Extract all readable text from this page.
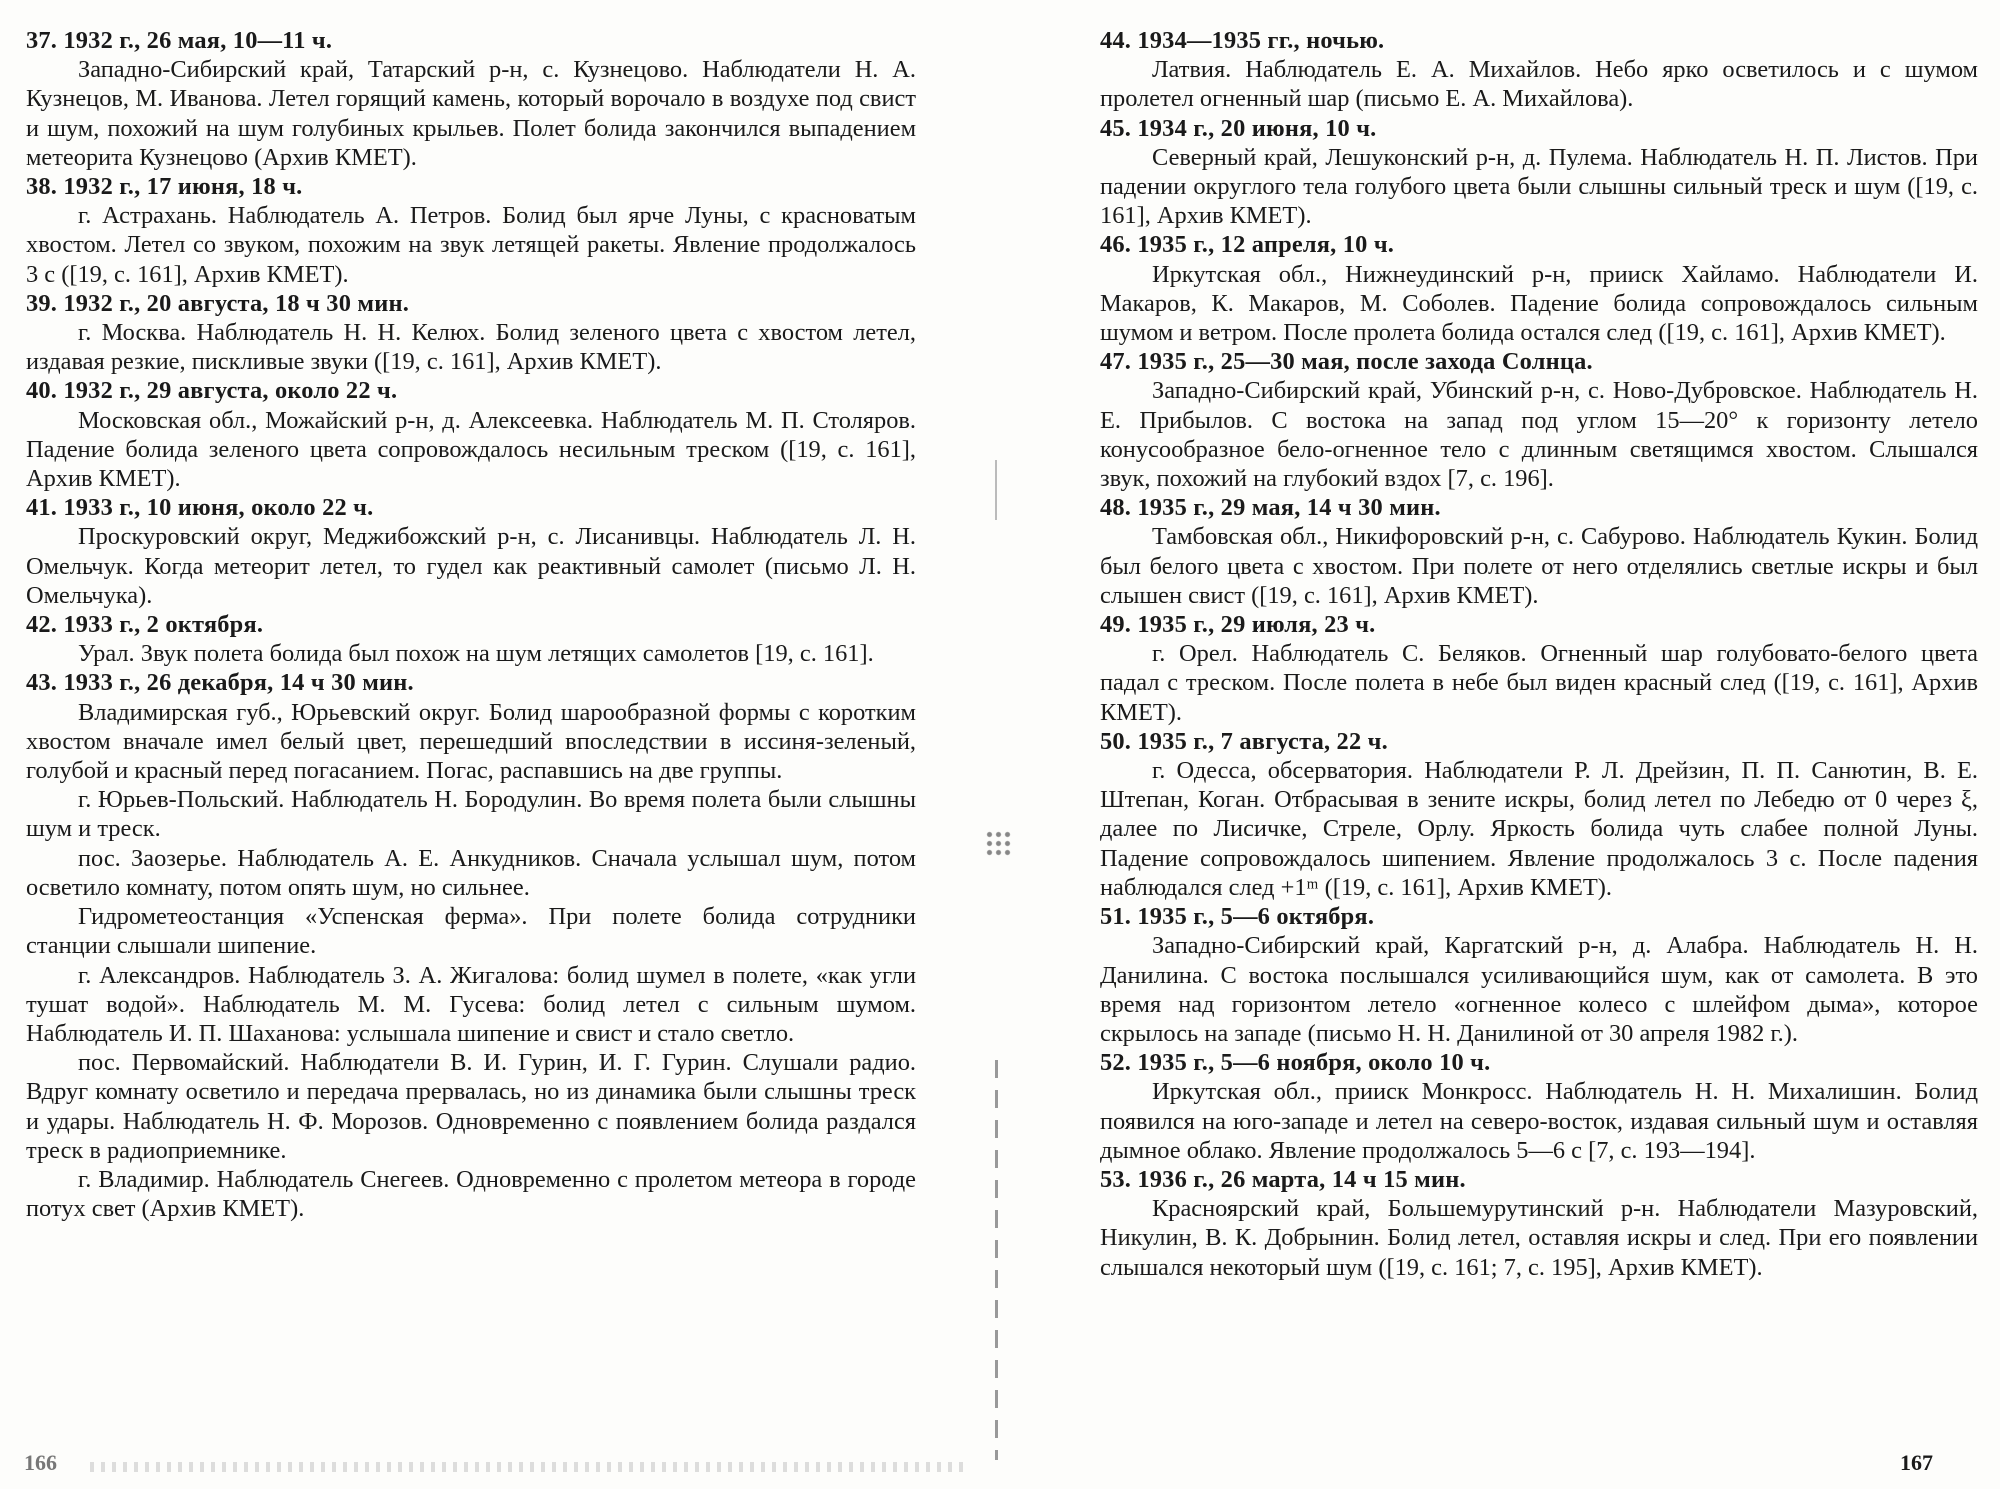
37. 1932 г., 26 мая, 10—11 ч.

Западно-Сибирский край, Татарский р-н, с. Кузнецово. Наблюдатели Н. А. Кузнецов, М. Иванова. Летел горящий камень, который ворочало в воздухе под свист и шум, похожий на шум голубиных крыльев. Полет болида закончился выпадением метеорита Кузнецово (Архив КМЕТ).

38. 1932 г., 17 июня, 18 ч.

г. Астрахань. Наблюдатель А. Петров. Болид был ярче Луны, с красноватым хвостом. Летел со звуком, похожим на звук летящей ракеты. Явление продолжалось 3 с ([19, с. 161], Архив КМЕТ).

39. 1932 г., 20 августа, 18 ч 30 мин.

г. Москва. Наблюдатель Н. Н. Келюх. Болид зеленого цвета с хвостом летел, издавая резкие, пискливые звуки ([19, с. 161], Архив КМЕТ).

40. 1932 г., 29 августа, около 22 ч.

Московская обл., Можайский р-н, д. Алексеевка. Наблюдатель М. П. Столяров. Падение болида зеленого цвета сопровождалось несильным треском ([19, с. 161], Архив КМЕТ).

41. 1933 г., 10 июня, около 22 ч.

Проскуровский округ, Меджибожский р-н, с. Лисанивцы. Наблюдатель Л. Н. Омельчук. Когда метеорит летел, то гудел как реактивный самолет (письмо Л. Н. Омельчука).

42. 1933 г., 2 октября.

Урал. Звук полета болида был похож на шум летящих самолетов [19, с. 161].

43. 1933 г., 26 декабря, 14 ч 30 мин.

Владимирская губ., Юрьевский округ. Болид шарообразной формы с коротким хвостом вначале имел белый цвет, перешедший впоследствии в иссиня-зеленый, голубой и красный перед погасанием. Погас, распавшись на две группы.

г. Юрьев-Польский. Наблюдатель Н. Бородулин. Во время полета были слышны шум и треск.

пос. Заозерье. Наблюдатель А. Е. Анкудников. Сначала услышал шум, потом осветило комнату, потом опять шум, но сильнее.

Гидрометеостанция «Успенская ферма». При полете болида сотрудники станции слышали шипение.

г. Александров. Наблюдатель З. А. Жигалова: болид шумел в полете, «как угли тушат водой». Наблюдатель М. М. Гусева: болид летел с сильным шумом. Наблюдатель И. П. Шаханова: услышала шипение и свист и стало светло.

пос. Первомайский. Наблюдатели В. И. Гурин, И. Г. Гурин. Слушали радио. Вдруг комнату осветило и передача прервалась, но из динамика были слышны треск и удары. Наблюдатель Н. Ф. Морозов. Одновременно с появлением болида раздался треск в радиоприемнике.

г. Владимир. Наблюдатель Снегеев. Одновременно с пролетом метеора в городе потух свет (Архив КМЕТ).

44. 1934—1935 гг., ночью.

Латвия. Наблюдатель Е. А. Михайлов. Небо ярко осветилось и с шумом пролетел огненный шар (письмо Е. А. Михайлова).

45. 1934 г., 20 июня, 10 ч.

Северный край, Лешуконский р-н, д. Пулема. Наблюдатель Н. П. Листов. При падении округлого тела голубого цвета были слышны сильный треск и шум ([19, с. 161], Архив КМЕТ).

46. 1935 г., 12 апреля, 10 ч.

Иркутская обл., Нижнеудинский р-н, прииск Хайламо. Наблюдатели И. Макаров, К. Макаров, М. Соболев. Падение болида сопровождалось сильным шумом и ветром. После пролета болида остался след ([19, с. 161], Архив КМЕТ).

47. 1935 г., 25—30 мая, после захода Солнца.

Западно-Сибирский край, Убинский р-н, с. Ново-Дубровское. Наблюдатель Н. Е. Прибылов. С востока на запад под углом 15—20° к горизонту летело конусообразное бело-огненное тело с длинным светящимся хвостом. Слышался звук, похожий на глубокий вздох [7, с. 196].

48. 1935 г., 29 мая, 14 ч 30 мин.

Тамбовская обл., Никифоровский р-н, с. Сабурово. Наблюдатель Кукин. Болид был белого цвета с хвостом. При полете от него отделялись светлые искры и был слышен свист ([19, с. 161], Архив КМЕТ).

49. 1935 г., 29 июля, 23 ч.

г. Орел. Наблюдатель С. Беляков. Огненный шар голубовато-белого цвета падал с треском. После полета в небе был виден красный след ([19, с. 161], Архив КМЕТ).

50. 1935 г., 7 августа, 22 ч.

г. Одесса, обсерватория. Наблюдатели Р. Л. Дрейзин, П. П. Санютин, В. Е. Штепан, Коган. Отбрасывая в зените искры, болид летел по Лебедю от 0 через ξ, далее по Лисичке, Стреле, Орлу. Яркость болида чуть слабее полной Луны. Падение сопровождалось шипением. Явление продолжалось 3 с. После падения наблюдался след +1ᵐ ([19, с. 161], Архив КМЕТ).

51. 1935 г., 5—6 октября.

Западно-Сибирский край, Каргатский р-н, д. Алабра. Наблюдатель Н. Н. Данилина. С востока послышался усиливающийся шум, как от самолета. В это время над горизонтом летело «огненное колесо с шлейфом дыма», которое скрылось на западе (письмо Н. Н. Данилиной от 30 апреля 1982 г.).

52. 1935 г., 5—6 ноября, около 10 ч.

Иркутская обл., прииск Монкросс. Наблюдатель Н. Н. Михалишин. Болид появился на юго-западе и летел на северо-восток, издавая сильный шум и оставляя дымное облако. Явление продолжалось 5—6 с [7, с. 193—194].

53. 1936 г., 26 марта, 14 ч 15 мин.

Красноярский край, Большемурутинский р-н. Наблюдатели Мазуровский, Никулин, В. К. Добрынин. Болид летел, оставляя искры и след. При его появлении слышался некоторый шум ([19, с. 161; 7, с. 195], Архив КМЕТ).

166	167
